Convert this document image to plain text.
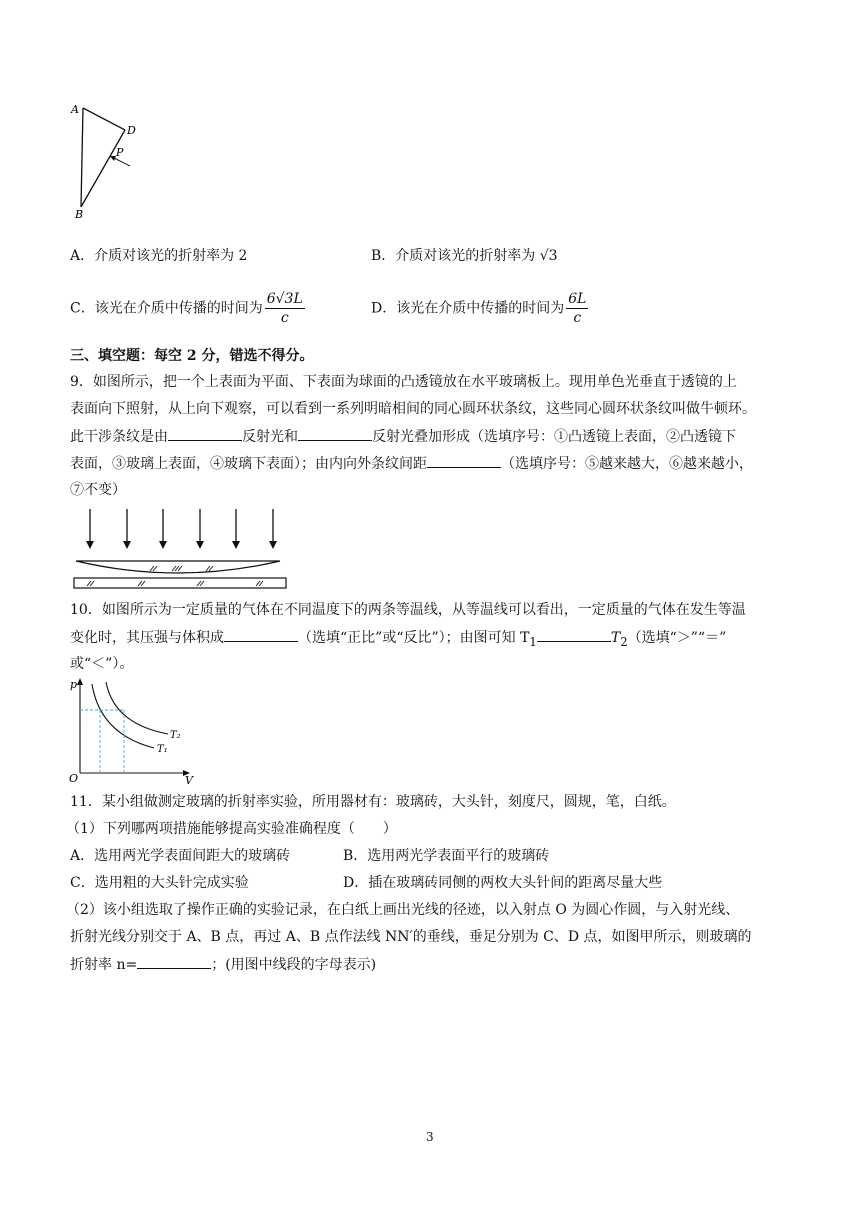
A
D
P
B
A．介质对该光的折射率为 2	B．介质对该光的折射率为 √3
C．该光在介质中传播的时间为 $\frac{6√3L}{c}$	D．该光在介质中传播的时间为 $\frac{6L}{c}$
三、填空题：每空 2 分，错选不得分。
9．如图所示，把一个上表面为平面、下表面为球面的凸透镜放在水平玻璃板上。现用单色光垂直于透镜的上
表面向下照射，从上向下观察，可以看到一系列明暗相间的同心圆环状条纹，这些同心圆环状条纹叫做牛顿环。
此干涉条纹是由	反射光和	反射光叠加形成（选填序号：①凸透镜上表面，②凸透镜下
表面，③玻璃上表面，④玻璃下表面）；由内向外条纹间距	（选填序号：⑤越来越大，⑥越来越小，
⑦不变）
10．如图所示为一定质量的气体在不同温度下的两条等温线，从等温线可以看出，一定质量的气体在发生等温
变化时，其压强与体积成	（选填“正比”或“反比”）；由图可知 $T_1$	$T_2$（选填“＞”“＝”
或“＜”）。
p
V
O
T₁
T₂
11．某小组做测定玻璃的折射率实验，所用器材有：玻璃砖，大头针，刻度尺，圆规，笔，白纸。
（1）下列哪两项措施能够提高实验准确程度（　　）
A．选用两光学表面间距大的玻璃砖	B．选用两光学表面平行的玻璃砖
C．选用粗的大头针完成实验	D．插在玻璃砖同侧的两枚大头针间的距离尽量大些
（2）该小组选取了操作正确的实验记录，在白纸上画出光线的径迹，以入射点 O 为圆心作圆，与入射光线、
折射光线分别交于 A、B 点，再过 A、B 点作法线 NN′的垂线，垂足分别为 C、D 点，如图甲所示，则玻璃的
折射率 n=	；(用图中线段的字母表示)
3
